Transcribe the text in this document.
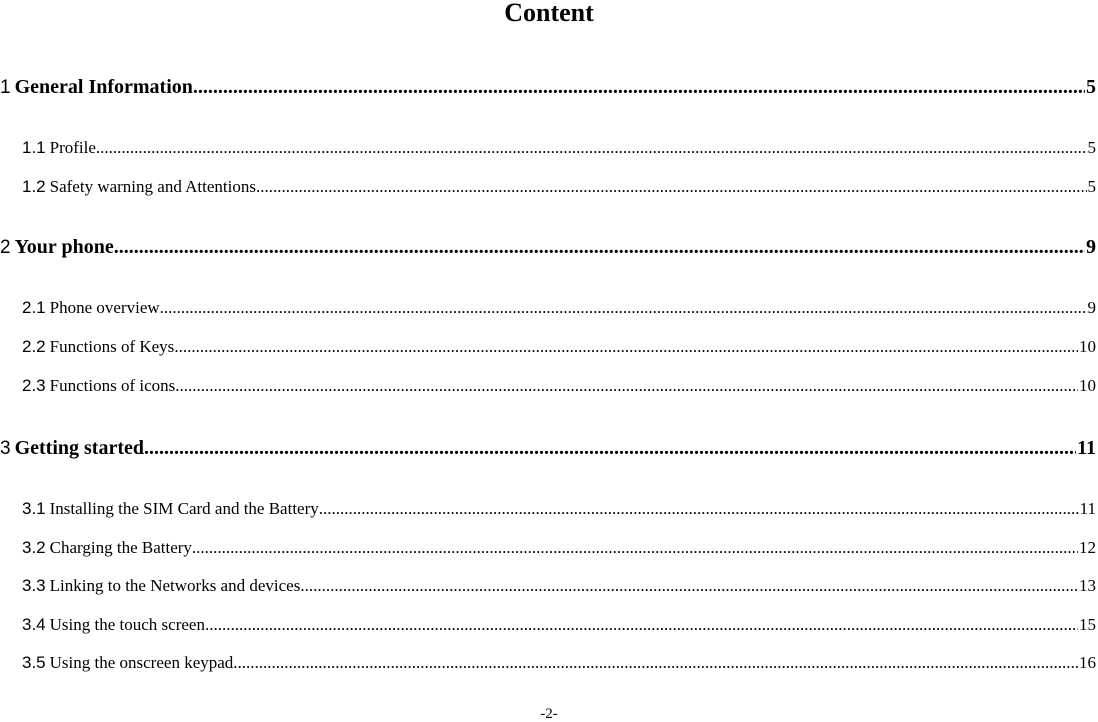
Content
1 General Information .....	5
1.1 Profile .....	5
1.2 Safety warning and Attentions .....	5
2 Your phone .....	9
2.1 Phone overview .....	9
2.2 Functions of Keys .....	10
2.3 Functions of icons .....	10
3 Getting started .....	11
3.1 Installing the SIM Card and the Battery .....	11
3.2 Charging the Battery .....	12
3.3 Linking to the Networks and devices .....	13
3.4 Using the touch screen .....	15
3.5 Using the onscreen keypad .....	16
-2-
